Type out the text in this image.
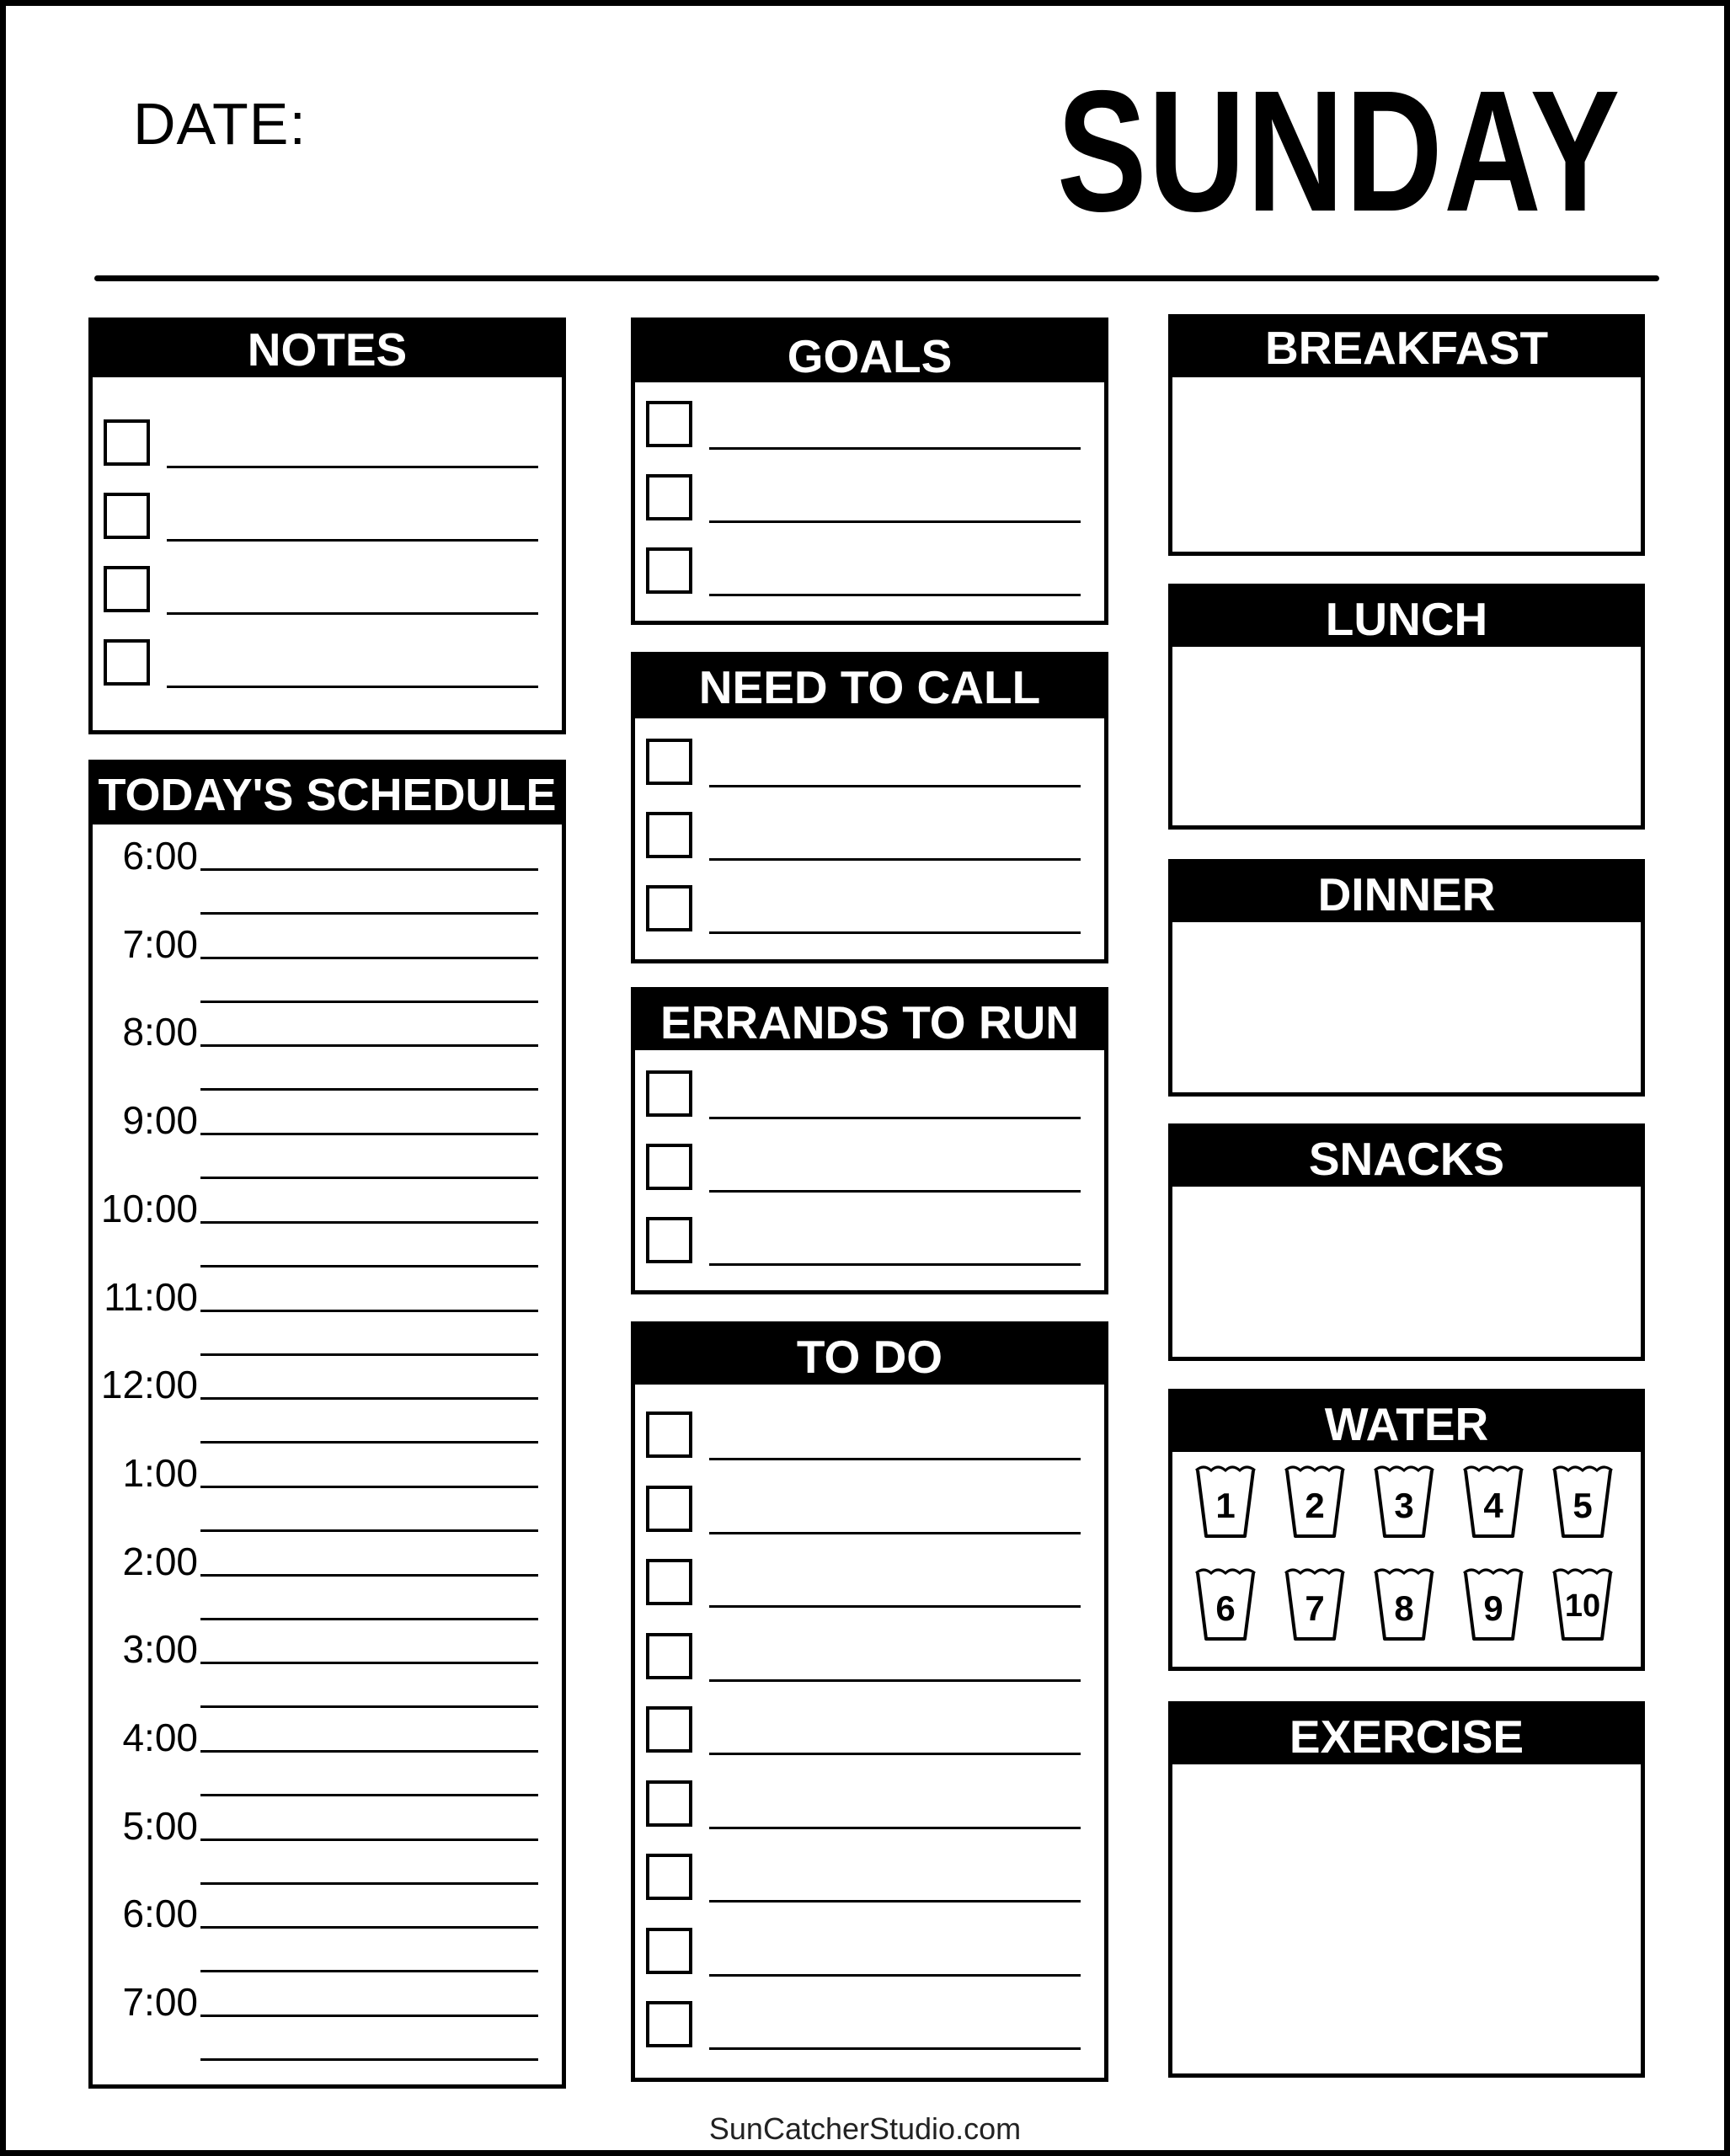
DATE:	SUNDAY
NOTES
TODAY'S SCHEDULE
6:00
7:00
8:00
9:00
10:00
11:00
12:00
1:00
2:00
3:00
4:00
5:00
6:00
7:00
GOALS
NEED TO CALL
ERRANDS TO RUN
TO DO
BREAKFAST
LUNCH
DINNER
SNACKS
WATER
1	2	3	4	5
6	7	8	9	10
EXERCISE
SunCatcherStudio.com
